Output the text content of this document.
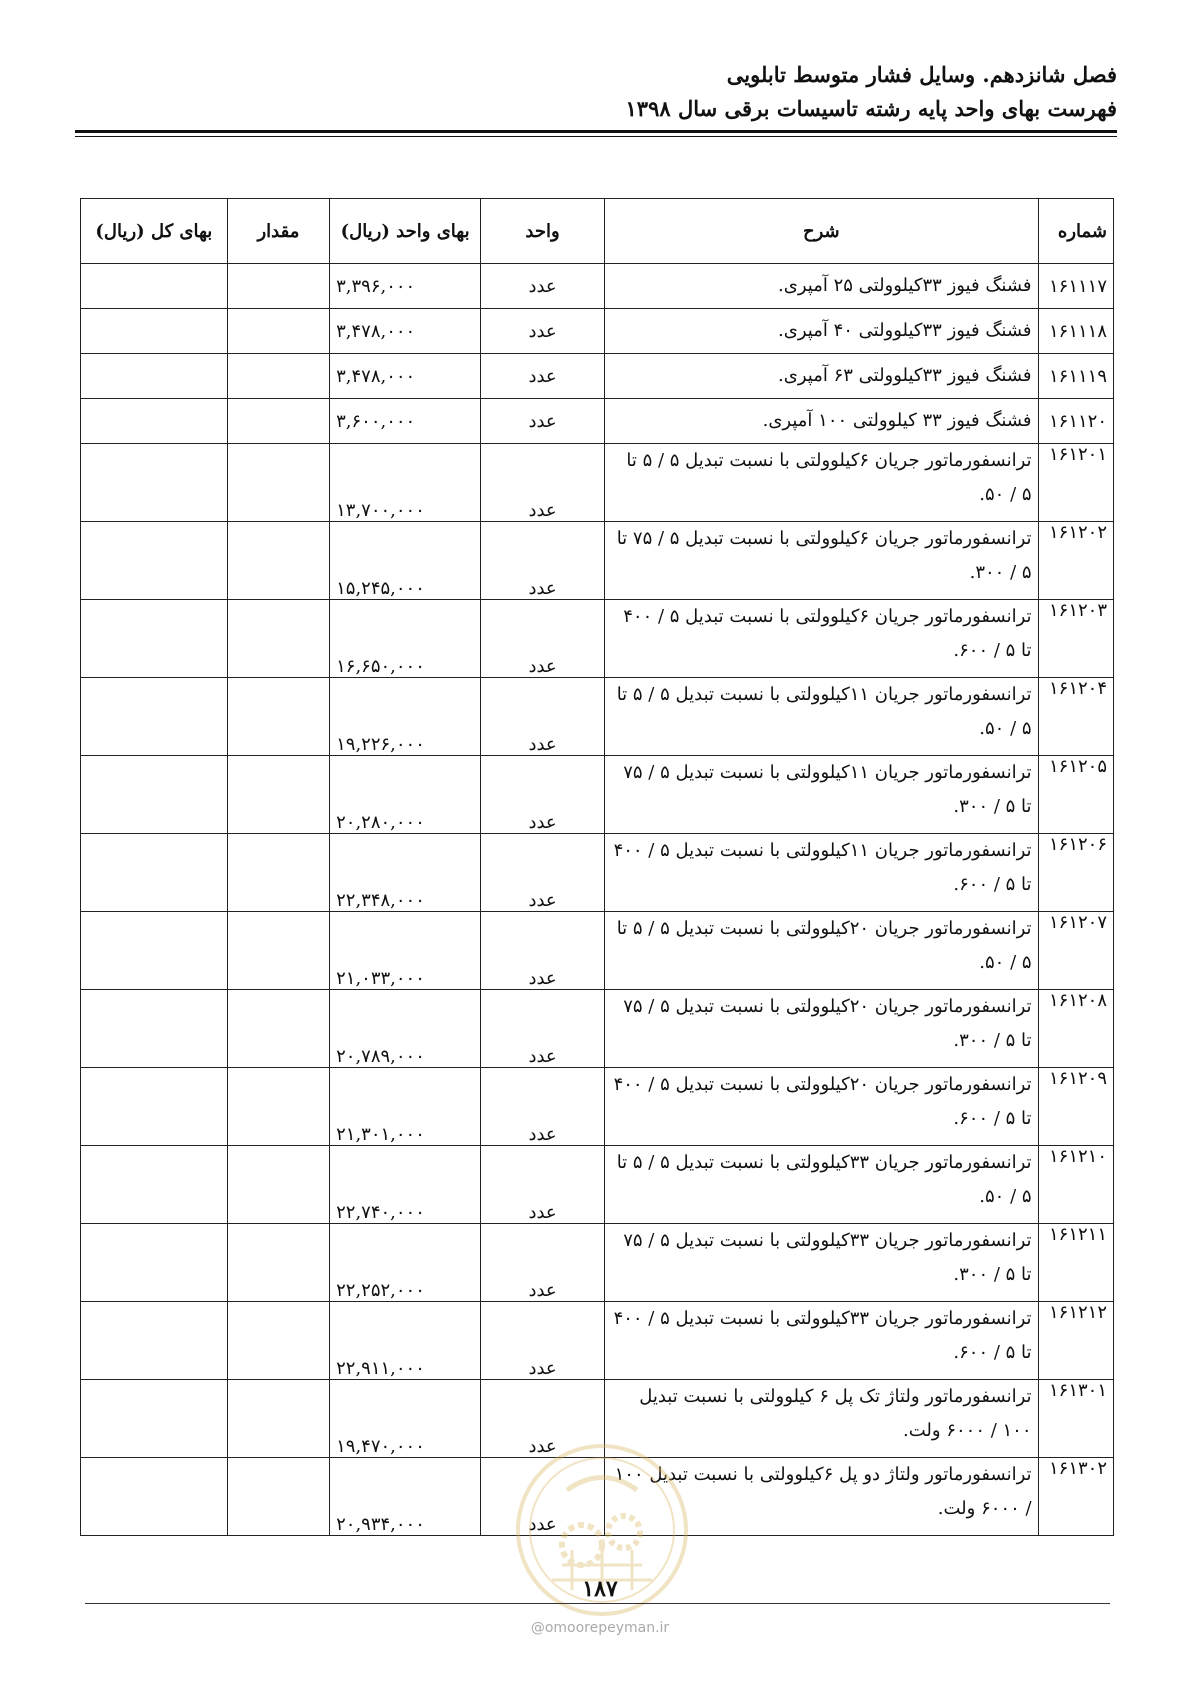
فصل شانزدهم. وسایل فشار متوسط تابلویی
فهرست بهای واحد پایه رشته تاسیسات برقی سال ۱۳۹۸
شماره	شرح	واحد	بهای واحد (ریال)	مقدار	بهای کل (ریال)
۱۶۱۱۱۷	فشنگ فیوز ۳۳کیلوولتی ۲۵ آمپری.	عدد	۳,۳۹۶,۰۰۰		
۱۶۱۱۱۸	فشنگ فیوز ۳۳کیلوولتی ۴۰ آمپری.	عدد	۳,۴۷۸,۰۰۰		
۱۶۱۱۱۹	فشنگ فیوز ۳۳کیلوولتی ۶۳ آمپری.	عدد	۳,۴۷۸,۰۰۰		
۱۶۱۱۲۰	فشنگ فیوز ۳۳ کیلوولتی ۱۰۰ آمپری.	عدد	۳,۶۰۰,۰۰۰		
۱۶۱۲۰۱	ترانسفورماتور جریان ۶کیلوولتی با نسبت تبدیل ۵ / ۵ تا ۵ / ۵۰.	عدد	۱۳,۷۰۰,۰۰۰		
۱۶۱۲۰۲	ترانسفورماتور جریان ۶کیلوولتی با نسبت تبدیل ۵ / ۷۵ تا ۵ / ۳۰۰.	عدد	۱۵,۲۴۵,۰۰۰		
۱۶۱۲۰۳	ترانسفورماتور جریان ۶کیلوولتی با نسبت تبدیل ۵ / ۴۰۰ تا ۵ / ۶۰۰.	عدد	۱۶,۶۵۰,۰۰۰		
۱۶۱۲۰۴	ترانسفورماتور جریان ۱۱کیلوولتی با نسبت تبدیل ۵ / ۵ تا ۵ / ۵۰.	عدد	۱۹,۲۲۶,۰۰۰		
۱۶۱۲۰۵	ترانسفورماتور جریان ۱۱کیلوولتی با نسبت تبدیل ۵ / ۷۵ تا ۵ / ۳۰۰.	عدد	۲۰,۲۸۰,۰۰۰		
۱۶۱۲۰۶	ترانسفورماتور جریان ۱۱کیلوولتی با نسبت تبدیل ۵ / ۴۰۰ تا ۵ / ۶۰۰.	عدد	۲۲,۳۴۸,۰۰۰		
۱۶۱۲۰۷	ترانسفورماتور جریان ۲۰کیلوولتی با نسبت تبدیل ۵ / ۵ تا ۵ / ۵۰.	عدد	۲۱,۰۳۳,۰۰۰		
۱۶۱۲۰۸	ترانسفورماتور جریان ۲۰کیلوولتی با نسبت تبدیل ۵ / ۷۵ تا ۵ / ۳۰۰.	عدد	۲۰,۷۸۹,۰۰۰		
۱۶۱۲۰۹	ترانسفورماتور جریان ۲۰کیلوولتی با نسبت تبدیل ۵ / ۴۰۰ تا ۵ / ۶۰۰.	عدد	۲۱,۳۰۱,۰۰۰		
۱۶۱۲۱۰	ترانسفورماتور جریان ۳۳کیلوولتی با نسبت تبدیل ۵ / ۵ تا ۵ / ۵۰.	عدد	۲۲,۷۴۰,۰۰۰		
۱۶۱۲۱۱	ترانسفورماتور جریان ۳۳کیلوولتی با نسبت تبدیل ۵ / ۷۵ تا ۵ / ۳۰۰.	عدد	۲۲,۲۵۲,۰۰۰		
۱۶۱۲۱۲	ترانسفورماتور جریان ۳۳کیلوولتی با نسبت تبدیل ۵ / ۴۰۰ تا ۵ / ۶۰۰.	عدد	۲۲,۹۱۱,۰۰۰		
۱۶۱۳۰۱	ترانسفورماتور ولتاژ تک پل ۶ کیلوولتی با نسبت تبدیل ۱۰۰ / ۶۰۰۰ ولت.	عدد	۱۹,۴۷۰,۰۰۰		
۱۶۱۳۰۲	ترانسفورماتور ولتاژ دو پل ۶کیلوولتی با نسبت تبدیل ۱۰۰ / ۶۰۰۰ ولت.	عدد	۲۰,۹۳۴,۰۰۰		
۱۸۷
@omoorepeyman.ir
